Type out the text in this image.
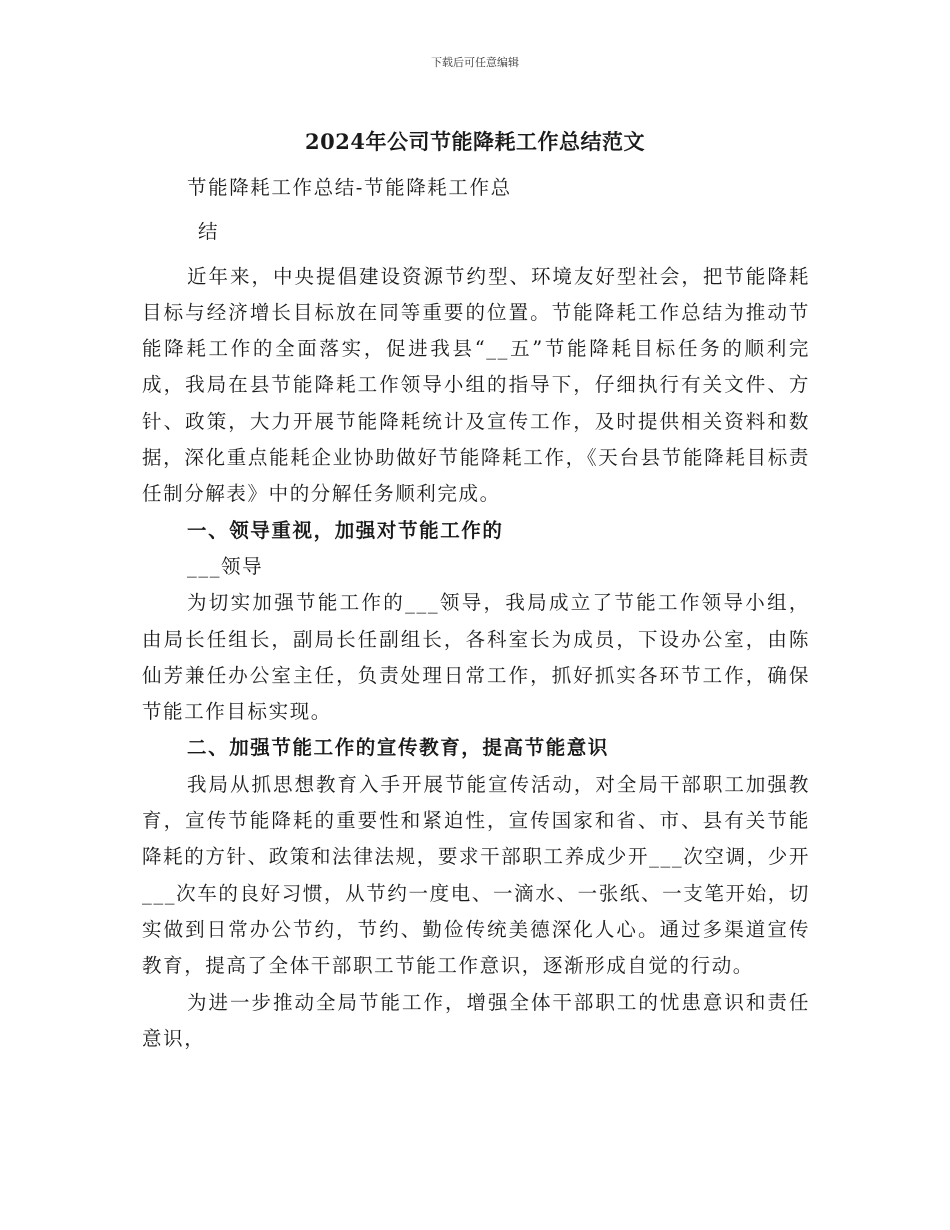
下载后可任意编辑
2024年公司节能降耗工作总结范文

节能降耗工作总结-节能降耗工作总

结

近年来，中央提倡建设资源节约型、环境友好型社会，把节能降耗目标与经济增长目标放在同等重要的位置。节能降耗工作总结为推动节能降耗工作的全面落实，促进我县“__五”节能降耗目标任务的顺利完成，我局在县节能降耗工作领导小组的指导下，仔细执行有关文件、方针、政策，大力开展节能降耗统计及宣传工作，及时提供相关资料和数据，深化重点能耗企业协助做好节能降耗工作，《天台县节能降耗目标责任制分解表》中的分解任务顺利完成。

一、领导重视，加强对节能工作的

___领导

为切实加强节能工作的___领导，我局成立了节能工作领导小组，由局长任组长，副局长任副组长，各科室长为成员，下设办公室，由陈仙芳兼任办公室主任，负责处理日常工作，抓好抓实各环节工作，确保节能工作目标实现。

二、加强节能工作的宣传教育，提高节能意识

我局从抓思想教育入手开展节能宣传活动，对全局干部职工加强教育，宣传节能降耗的重要性和紧迫性，宣传国家和省、市、县有关节能降耗的方针、政策和法律法规，要求干部职工养成少开___次空调，少开___次车的良好习惯，从节约一度电、一滴水、一张纸、一支笔开始，切实做到日常办公节约，节约、勤俭传统美德深化人心。通过多渠道宣传教育，提高了全体干部职工节能工作意识，逐渐形成自觉的行动。

为进一步推动全局节能工作，增强全体干部职工的忧患意识和责任意识，
